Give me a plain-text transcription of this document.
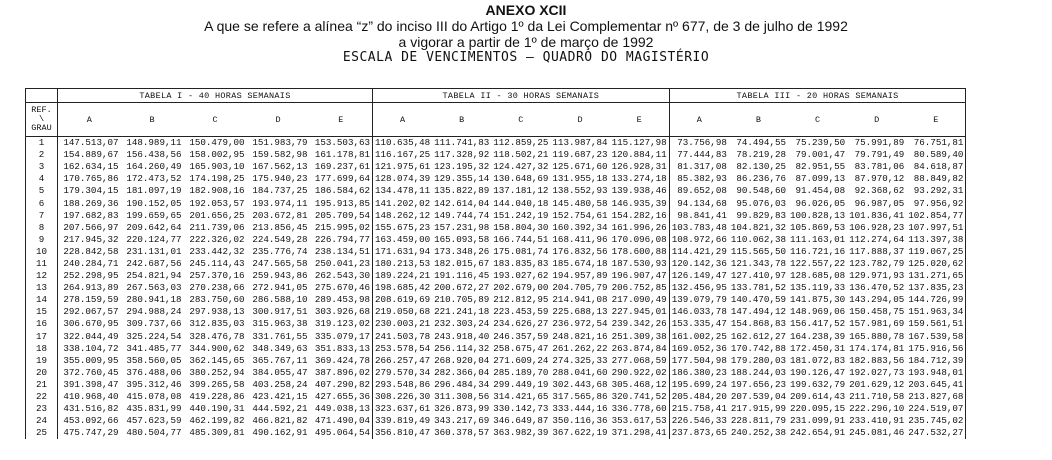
ANEXO XCII
A que se refere a alínea “z” do inciso III do Artigo 1º da Lei Complementar nº 677, de 3 de julho de 1992
a vigorar a partir de 1º de março de 1992
ESCALA DE VENCIMENTOS — QUADRO DO MAGISTÉRIO
	TABELA I - 40 HORAS SEMANAIS					TABELA II - 30 HORAS SEMANAIS					TABELA III - 20 HORAS SEMANAIS				

REF.
\
GRAU	A	B	C	D	E	A	B	C	D	E	A	B	C	D	E
1	147.513,07	148.989,11	150.479,00	151.983,79	153.503,63	110.635,48	111.741,83	112.859,25	113.987,84	115.127,98	73.756,98	74.494,55	75.239,50	75.991,89	76.751,81
2	154.889,67	156.438,56	158.002,95	159.582,98	161.178,81	116.167,25	117.328,92	118.502,21	119.687,23	120.884,11	77.444,83	78.219,28	79.001,47	79.791,49	80.589,40
3	162.634,15	164.260,49	165.903,10	167.562,13	169.237,61	121.975,61	123.195,32	124.427,32	125.671,60	126.928,31	81.317,08	82.130,25	82.951,55	83.781,06	84.618,87
4	170.765,86	172.473,52	174.198,25	175.940,23	177.699,64	128.074,39	129.355,14	130.648,69	131.955,18	133.274,18	85.382,93	86.236,76	87.099,13	87.970,12	88.849,82
5	179.304,15	181.097,19	182.908,16	184.737,25	186.584,62	134.478,11	135.822,89	137.181,12	138.552,93	139.938,46	89.652,08	90.548,60	91.454,08	92.368,62	93.292,31
6	188.269,36	190.152,05	192.053,57	193.974,11	195.913,85	141.202,02	142.614,04	144.040,18	145.480,58	146.935,39	94.134,68	95.076,03	96.026,05	96.987,05	97.956,92
7	197.682,83	199.659,65	201.656,25	203.672,81	205.709,54	148.262,12	149.744,74	151.242,19	152.754,61	154.282,16	98.841,41	99.829,83	100.828,13	101.836,41	102.854,77
8	207.566,97	209.642,64	211.739,06	213.856,45	215.995,02	155.675,23	157.231,98	158.804,30	160.392,34	161.996,26	103.783,48	104.821,32	105.869,53	106.928,23	107.997,51
9	217.945,32	220.124,77	222.326,02	224.549,28	226.794,77	163.459,00	165.093,58	166.744,51	168.411,96	170.096,08	108.972,66	110.062,38	111.163,01	112.274,64	113.397,38
10	228.842,58	231.131,01	233.442,32	235.776,74	238.134,51	171.631,94	173.348,26	175.081,74	176.832,56	178.600,88	114.421,29	115.565,50	116.721,16	117.888,37	119.067,25
11	240.284,71	242.687,56	245.114,43	247.565,58	250.041,23	180.213,53	182.015,67	183.835,83	185.674,18	187.530,93	120.142,36	121.343,78	122.557,22	123.782,79	125.020,62
12	252.298,95	254.821,94	257.370,16	259.943,86	262.543,30	189.224,21	191.116,45	193.027,62	194.957,89	196.907,47	126.149,47	127.410,97	128.685,08	129.971,93	131.271,65
13	264.913,89	267.563,03	270.238,66	272.941,05	275.670,46	198.685,42	200.672,27	202.679,00	204.705,79	206.752,85	132.456,95	133.781,52	135.119,33	136.470,52	137.835,23
14	278.159,59	280.941,18	283.750,60	286.588,10	289.453,98	208.619,69	210.705,89	212.812,95	214.941,08	217.090,49	139.079,79	140.470,59	141.875,30	143.294,05	144.726,99
15	292.067,57	294.988,24	297.938,13	300.917,51	303.926,68	219.050,68	221.241,18	223.453,59	225.688,13	227.945,01	146.033,78	147.494,12	148.969,06	150.458,75	151.963,34
16	306.670,95	309.737,66	312.835,03	315.963,38	319.123,02	230.003,21	232.303,24	234.626,27	236.972,54	239.342,26	153.335,47	154.868,83	156.417,52	157.981,69	159.561,51
17	322.044,49	325.224,54	328.476,78	331.761,55	335.079,17	241.503,78	243.918,40	246.357,59	248.821,16	251.309,38	161.002,25	162.612,27	164.238,39	165.880,78	167.539,58
18	338.104,72	341.485,77	344.900,62	348.349,63	351.833,13	253.578,54	256.114,32	258.675,47	261.262,22	263.874,84	169.052,36	170.742,88	172.450,31	174.174,81	175.916,56
19	355.009,95	358.560,05	362.145,65	365.767,11	369.424,78	266.257,47	268.920,04	271.609,24	274.325,33	277.068,59	177.504,98	179.280,03	181.072,83	182.883,56	184.712,39
20	372.760,45	376.488,06	380.252,94	384.055,47	387.896,02	279.570,34	282.366,04	285.189,70	288.041,60	290.922,02	186.380,23	188.244,03	190.126,47	192.027,73	193.948,01
21	391.398,47	395.312,46	399.265,58	403.258,24	407.290,82	293.548,86	296.484,34	299.449,19	302.443,68	305.468,12	195.699,24	197.656,23	199.632,79	201.629,12	203.645,41
22	410.968,40	415.078,08	419.228,86	423.421,15	427.655,36	308.226,30	311.308,56	314.421,65	317.565,86	320.741,52	205.484,20	207.539,04	209.614,43	211.710,58	213.827,68
23	431.516,82	435.831,99	440.190,31	444.592,21	449.038,13	323.637,61	326.873,99	330.142,73	333.444,16	336.778,60	215.758,41	217.915,99	220.095,15	222.296,10	224.519,07
24	453.092,66	457.623,59	462.199,82	466.821,82	471.490,04	339.819,49	343.217,69	346.649,87	350.116,36	353.617,53	226.546,33	228.811,79	231.099,91	233.410,91	235.745,02
25	475.747,29	480.504,77	485.309,81	490.162,91	495.064,54	356.810,47	360.378,57	363.982,39	367.622,19	371.298,41	237.873,65	240.252,38	242.654,91	245.081,46	247.532,27
